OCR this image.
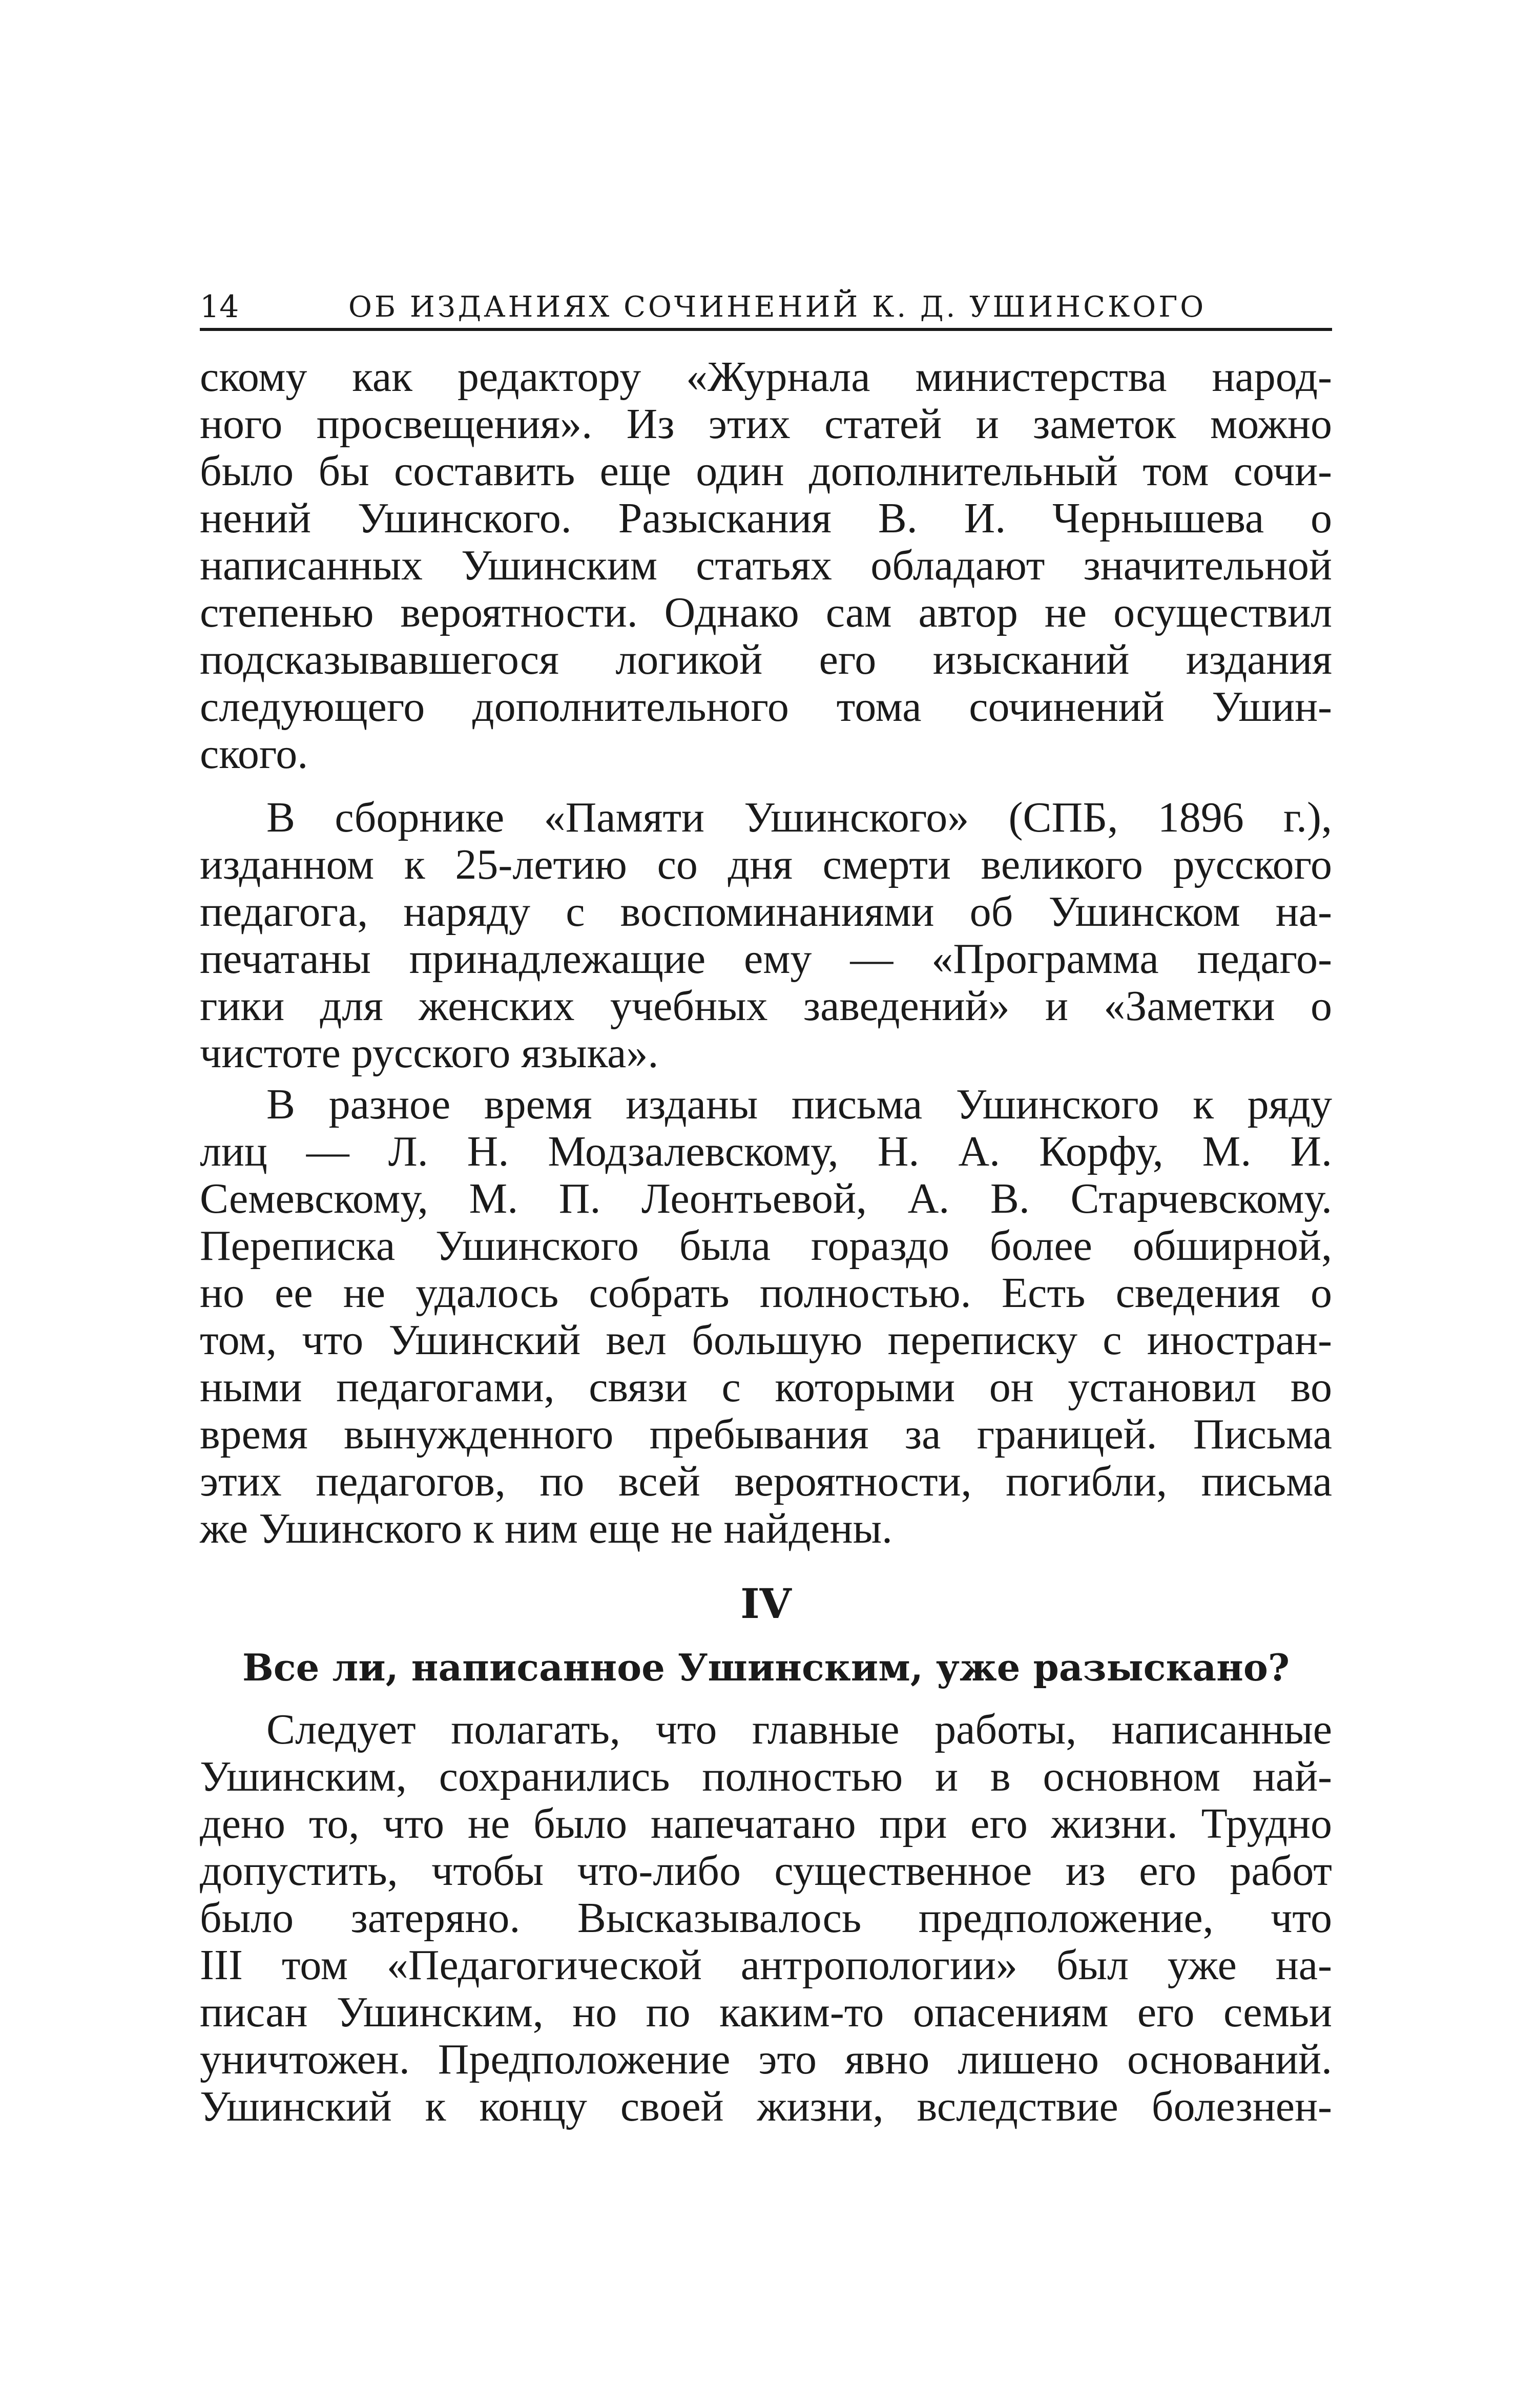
14	ОБ ИЗДАНИЯХ СОЧИНЕНИЙ К. Д. УШИНСКОГО
скому как редактору «Журнала министерства народ-
ного просвещения». Из этих статей и заметок можно
было бы составить еще один дополнительный том сочи-
нений Ушинского. Разыскания В. И. Чернышева о
написанных Ушинским статьях обладают значительной
степенью вероятности. Однако сам автор не осуществил
подсказывавшегося логикой его изысканий издания
следующего дополнительного тома сочинений Ушин-
ского.
В сборнике «Памяти Ушинского» (СПБ, 1896 г.),
изданном к 25-летию со дня смерти великого русского
педагога, наряду с воспоминаниями об Ушинском на-
печатаны принадлежащие ему — «Программа педаго-
гики для женских учебных заведений» и «Заметки о
чистоте русского языка».
В разное время изданы письма Ушинского к ряду
лиц — Л. Н. Модзалевскому, Н. А. Корфу, М. И.
Семевскому, М. П. Леонтьевой, А. В. Старчевскому.
Переписка Ушинского была гораздо более обширной,
но ее не удалось собрать полностью. Есть сведения о
том, что Ушинский вел большую переписку с иностран-
ными педагогами, связи с которыми он установил во
время вынужденного пребывания за границей. Письма
этих педагогов, по всей вероятности, погибли, письма
же Ушинского к ним еще не найдены.
IV
Все ли, написанное Ушинским, уже разыскано?
Следует полагать, что главные работы, написанные
Ушинским, сохранились полностью и в основном най-
дено то, что не было напечатано при его жизни. Трудно
допустить, чтобы что-либо существенное из его работ
было затеряно. Высказывалось предположение, что
III том «Педагогической антропологии» был уже на-
писан Ушинским, но по каким-то опасениям его семьи
уничтожен. Предположение это явно лишено оснований.
Ушинский к концу своей жизни, вследствие болезнен-
